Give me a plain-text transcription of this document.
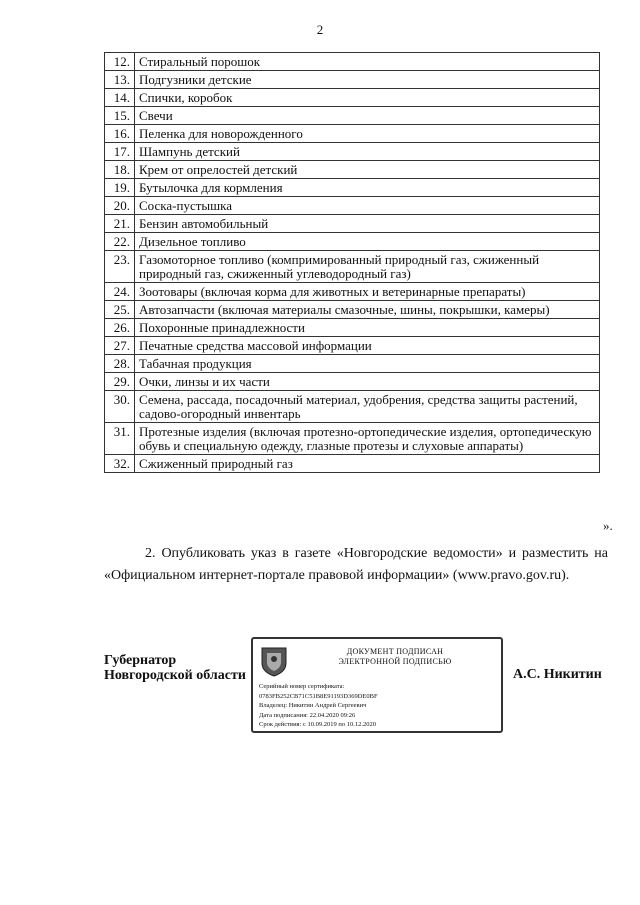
2
12.	Стиральный порошок
13.	Подгузники детские
14.	Спички, коробок
15.	Свечи
16.	Пеленка для новорожденного
17.	Шампунь детский
18.	Крем от опрелостей детский
19.	Бутылочка для кормления
20.	Соска-пустышка
21.	Бензин автомобильный
22.	Дизельное топливо
23.	Газомоторное топливо (компримированный природный газ, сжиженный природный газ, сжиженный углеводородный газ)
24.	Зоотовары (включая корма для животных и ветеринарные препараты)
25.	Автозапчасти (включая материалы смазочные, шины, покрышки, камеры)
26.	Похоронные принадлежности
27.	Печатные средства массовой информации
28.	Табачная продукция
29.	Очки, линзы и их части
30.	Семена, рассада, посадочный материал, удобрения, средства защиты растений, садово-огородный инвентарь
31.	Протезные изделия (включая протезно-ортопедические изделия, ортопедическую обувь и специальную одежду, глазные протезы и слуховые аппараты)
32.	Сжиженный природный газ
».
2. Опубликовать указ в газете «Новгородские ведомости» и разместить на «Официальном интернет-портале правовой информации» (www.pravo.gov.ru).
Губернатор
Новгородской области
ДОКУМЕНТ ПОДПИСАН
ЭЛЕКТРОННОЙ ПОДПИСЬЮ
Серийный номер сертификата:
0783FB252CB71C51B8E91193D369DE0BF
Владелец: Никитин Андрей Сергеевич
Дата подписания: 22.04.2020 09:26
Срок действия: с 10.09.2019 по 10.12.2020
А.С. Никитин
